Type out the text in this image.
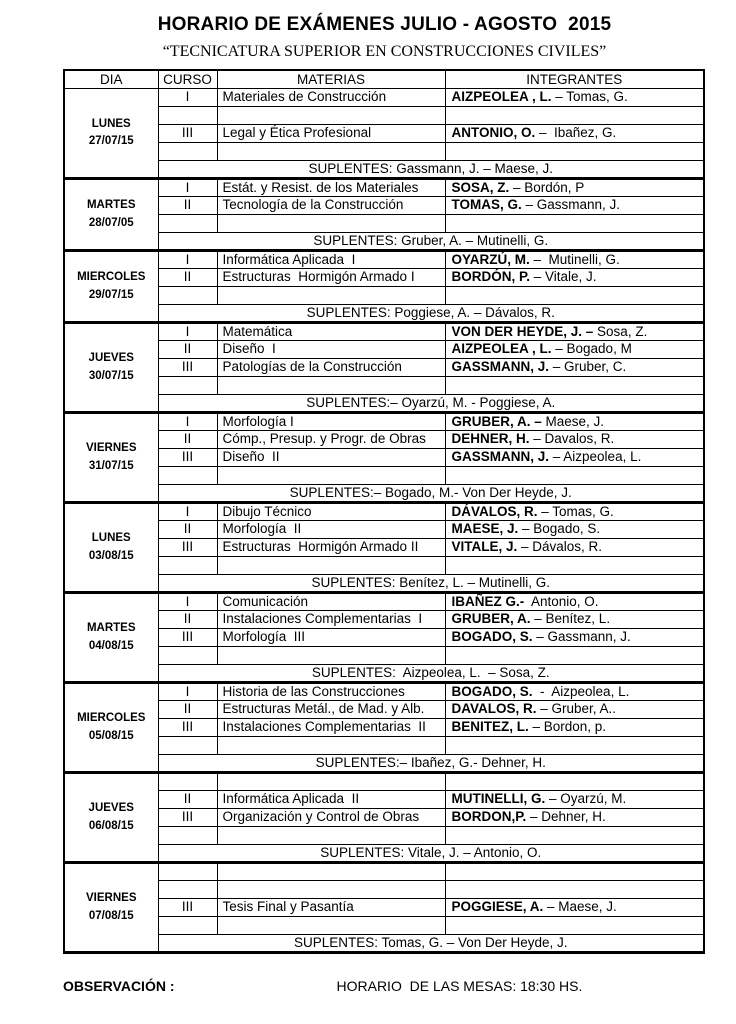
HORARIO DE EXÁMENES JULIO - AGOSTO  2015
“TECNICATURA SUPERIOR EN CONSTRUCCIONES CIVILES”
DIA	CURSO	MATERIAS	INTEGRANTES

LUNES
27/07/15	I	Materiales de Construcción	AIZPEOLEA , L. – Tomas, G.

	III	Legal y Ética Profesional	ANTONIO, O. –  Ibañez, G.

	SUPLENTES: Gassmann, J. – Maese, J.		

MARTES
28/07/05	I	Estát. y Resist. de los Materiales	SOSA, Z. – Bordón, P
	II	Tecnología de la Construcción	TOMAS, G. – Gassmann, J.

	SUPLENTES: Gruber, A. – Mutinelli, G.		

MIERCOLES
29/07/15	I	Informática Aplicada  I	OYARZÚ, M. –  Mutinelli, G.
	II	Estructuras  Hormigón Armado I	BORDÓN, P. – Vitale, J.

	SUPLENTES: Poggiese, A. – Dávalos, R.		

JUEVES
30/07/15	I	Matemática	VON DER HEYDE, J. – Sosa, Z.
	II	Diseño  I	AIZPEOLEA , L. – Bogado, M
	III	Patologías de la Construcción	GASSMANN, J. – Gruber, C.

	SUPLENTES:– Oyarzú, M. - Poggiese, A.		

VIERNES
31/07/15	I	Morfología I	GRUBER, A. – Maese, J.
	II	Cómp., Presup. y Progr. de Obras	DEHNER, H. – Davalos, R.
	III	Diseño  II	GASSMANN, J. – Aizpeolea, L.

	SUPLENTES:– Bogado, M.- Von Der Heyde, J.		

LUNES
03/08/15	I	Dibujo Técnico	DÁVALOS, R. – Tomas, G.
	II	Morfología  II	MAESE, J. – Bogado, S.
	III	Estructuras  Hormigón Armado II	VITALE, J. – Dávalos, R.

	SUPLENTES: Benítez, L. – Mutinelli, G.		

MARTES
04/08/15	I	Comunicación	IBAÑEZ G.-  Antonio, O.
	II	Instalaciones Complementarias  I	GRUBER, A. – Benítez, L.
	III	Morfología  III	BOGADO, S. – Gassmann, J.

	SUPLENTES:  Aizpeolea, L.  – Sosa, Z.		

MIERCOLES
05/08/15	I	Historia de las Construcciones	BOGADO, S.  -  Aizpeolea, L.
	II	Estructuras Metál., de Mad. y Alb.	DAVALOS, R. – Gruber, A..
	III	Instalaciones Complementarias  II	BENITEZ, L. – Bordon, p.

	SUPLENTES:– Ibañez, G.- Dehner, H.		

JUEVES
06/08/15			

	II	Informática Aplicada  II	MUTINELLI, G. – Oyarzú, M.
	III	Organización y Control de Obras	BORDON,P. – Dehner, H.

	SUPLENTES: Vitale, J. – Antonio, O.		

VIERNES
07/08/15			

	III	Tesis Final y Pasantía	POGGIESE, A. – Maese, J.

	SUPLENTES: Tomas, G. – Von Der Heyde, J.		
OBSERVACIÓN :	HORARIO  DE LAS MESAS: 18:30 HS.
